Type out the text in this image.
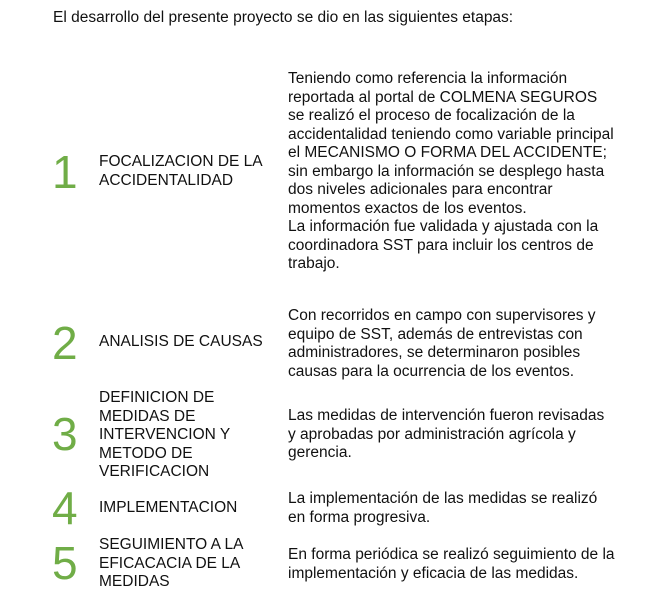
El desarrollo del presente proyecto se dio en las siguientes etapas:
1 FOCALIZACION DE LA
ACCIDENTALIDAD
Teniendo como referencia la información
reportada al portal de COLMENA SEGUROS
se realizó el proceso de focalización de la
accidentalidad teniendo como variable principal
el MECANISMO O FORMA DEL ACCIDENTE;
sin embargo la información se desplego hasta
dos niveles adicionales para encontrar
momentos exactos de los eventos.
La información fue validada y ajustada con la
coordinadora SST para incluir los centros de
trabajo.
2 ANALISIS DE CAUSAS
Con recorridos en campo con supervisores y
equipo de SST, además de entrevistas con
administradores, se determinaron posibles
causas para la ocurrencia de los eventos.
3
DEFINICION DE
MEDIDAS DE
INTERVENCION Y
METODO DE
VERIFICACION
Las medidas de intervención fueron revisadas
y aprobadas por administración agrícola y
gerencia.
4 IMPLEMENTACION
La implementación de las medidas se realizó
en forma progresiva.
5 SEGUIMIENTO A LA
EFICACACIA DE LA
MEDIDAS
En forma periódica se realizó seguimiento de la
implementación y eficacia de las medidas.
